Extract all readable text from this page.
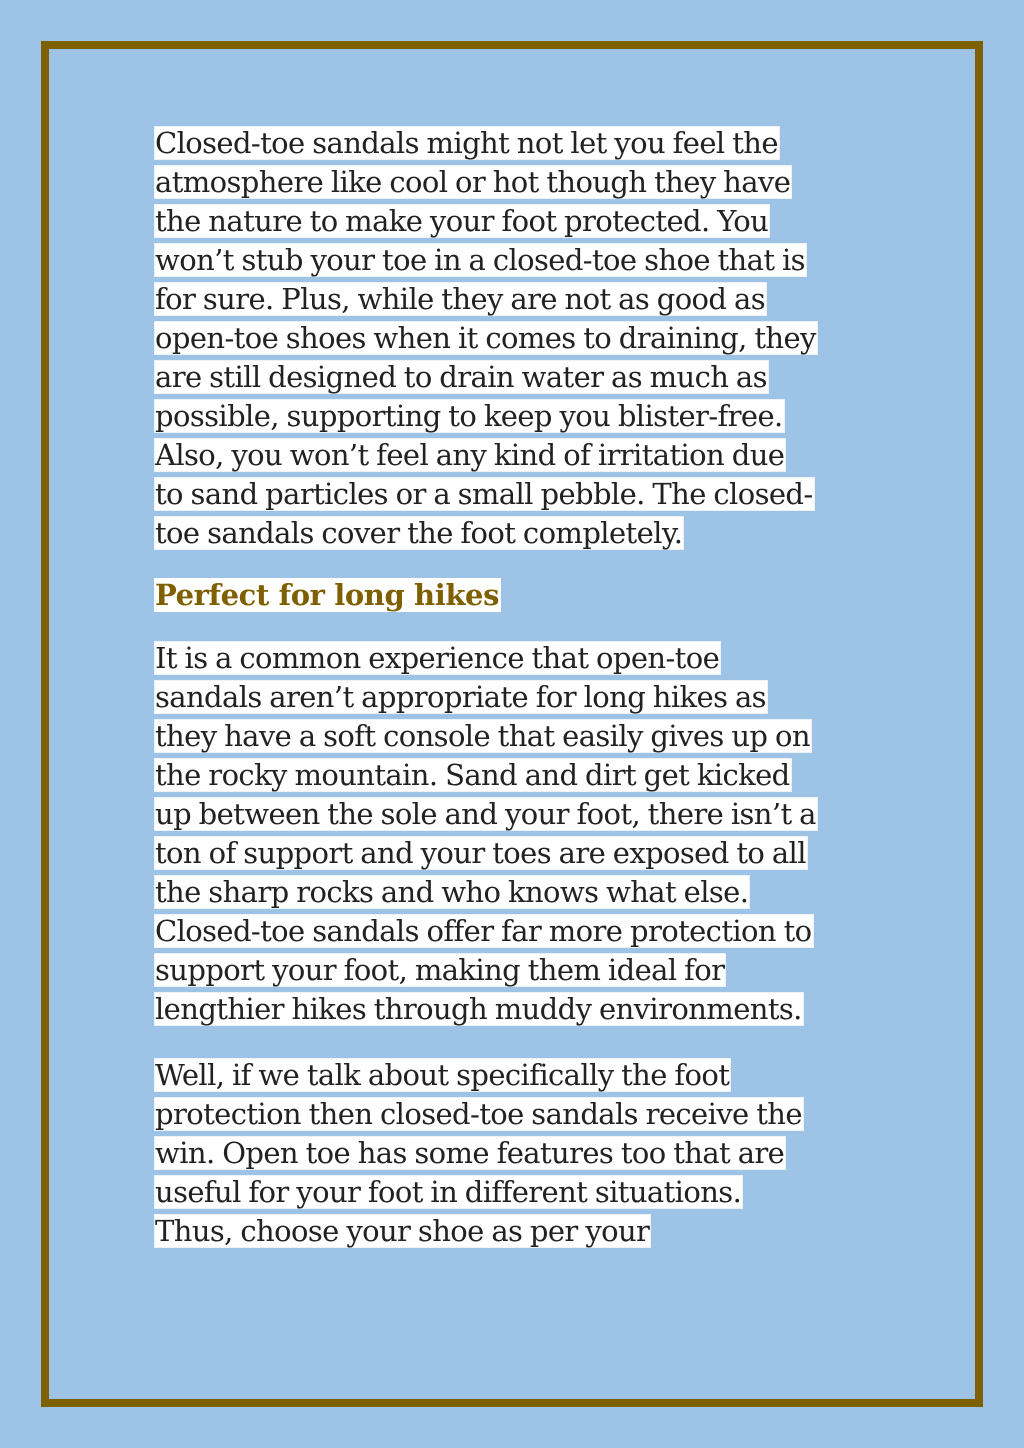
Closed-toe sandals might not let you feel the
atmosphere like cool or hot though they have
the nature to make your foot protected. You
won’t stub your toe in a closed-toe shoe that is
for sure. Plus, while they are not as good as
open-toe shoes when it comes to draining, they
are still designed to drain water as much as
possible, supporting to keep you blister-free.
Also, you won’t feel any kind of irritation due
to sand particles or a small pebble. The closed-
toe sandals cover the foot completely.

Perfect for long hikes

It is a common experience that open-toe
sandals aren’t appropriate for long hikes as
they have a soft console that easily gives up on
the rocky mountain. Sand and dirt get kicked
up between the sole and your foot, there isn’t a
ton of support and your toes are exposed to all
the sharp rocks and who knows what else.
Closed-toe sandals offer far more protection to
support your foot, making them ideal for
lengthier hikes through muddy environments.

Well, if we talk about specifically the foot
protection then closed-toe sandals receive the
win. Open toe has some features too that are
useful for your foot in different situations.
Thus, choose your shoe as per your
